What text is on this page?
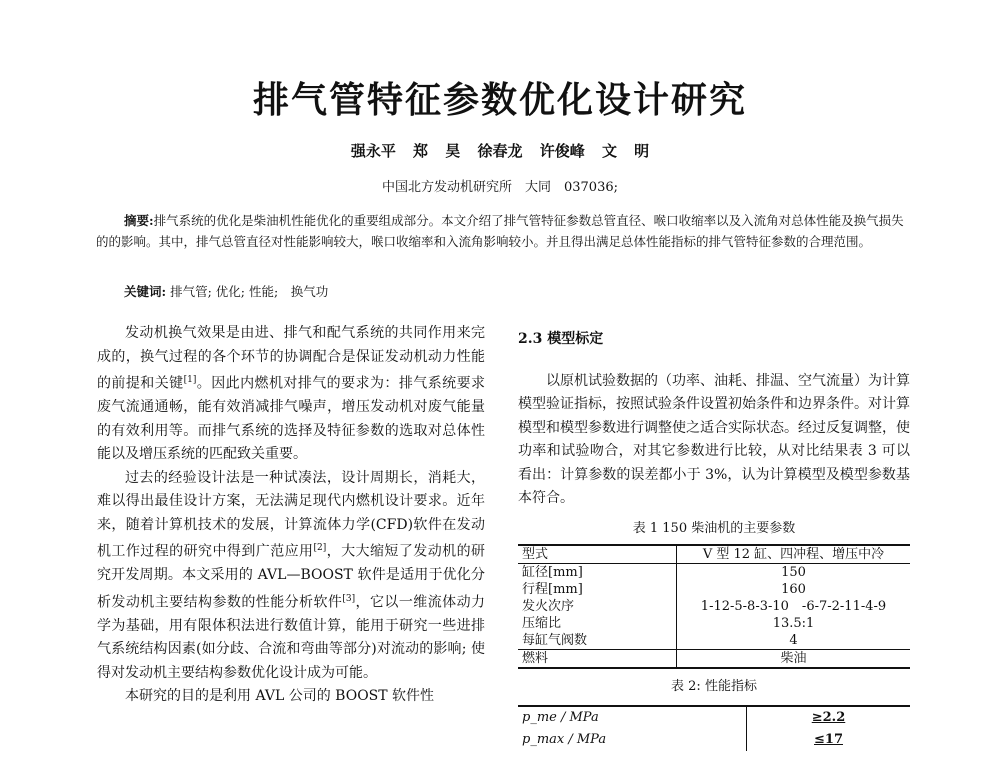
排气管特征参数优化设计研究
强永平 郑 昊 徐春龙 许俊峰 文 明
中国北方发动机研究所　大同　037036;

摘要:排气系统的优化是柴油机性能优化的重要组成部分。本文介绍了排气管特征参数总管直径、喉口收缩率以及入流角对总体性能及换气损失的的影响。其中，排气总管直径对性能影响较大，喉口收缩率和入流角影响较小。并且得出满足总体性能指标的排气管特征参数的合理范围。

关键词: 排气管; 优化; 性能;　换气功

发动机换气效果是由进、排气和配气系统的共同作用来完成的，换气过程的各个环节的协调配合是保证发动机动力性能的前提和关键[1]。因此内燃机对排气的要求为：排气系统要求废气流通通畅，能有效消减排气噪声，增压发动机对废气能量的有效利用等。而排气系统的选择及特征参数的选取对总体性能以及增压系统的匹配致关重要。

过去的经验设计法是一种试凑法，设计周期长，消耗大，难以得出最佳设计方案，无法满足现代内燃机设计要求。近年来，随着计算机技术的发展，计算流体力学(CFD)软件在发动机工作过程的研究中得到广范应用[2]，大大缩短了发动机的研究开发周期。本文采用的 AVL—BOOST 软件是适用于优化分析发动机主要结构参数的性能分析软件[3]，它以一维流体动力学为基础，用有限体积法进行数值计算，能用于研究一些进排气系统结构因素(如分歧、合流和弯曲等部分)对流动的影响; 使得对发动机主要结构参数优化设计成为可能。

本研究的目的是利用 AVL 公司的 BOOST 软件性

2.3 模型标定

以原机试验数据的（功率、油耗、排温、空气流量）为计算模型验证指标，按照试验条件设置初始条件和边界条件。对计算模型和模型参数进行调整使之适合实际状态。经过反复调整，使功率和试验吻合，对其它参数进行比较，从对比结果表 3 可以看出：计算参数的误差都小于 3%，认为计算模型及模型参数基本符合。

表 1 150 柴油机的主要参数
型式	V 型 12 缸、四冲程、增压中冷
缸径[mm]	150
行程[mm]	160
发火次序	1-12-5-8-3-10　-6-7-2-11-4-9
压缩比	13.5:1
每缸气阀数	4
燃料	柴油
表 2: 性能指标
p_me / MPa	≥2.2
p_max / MPa	≤17
